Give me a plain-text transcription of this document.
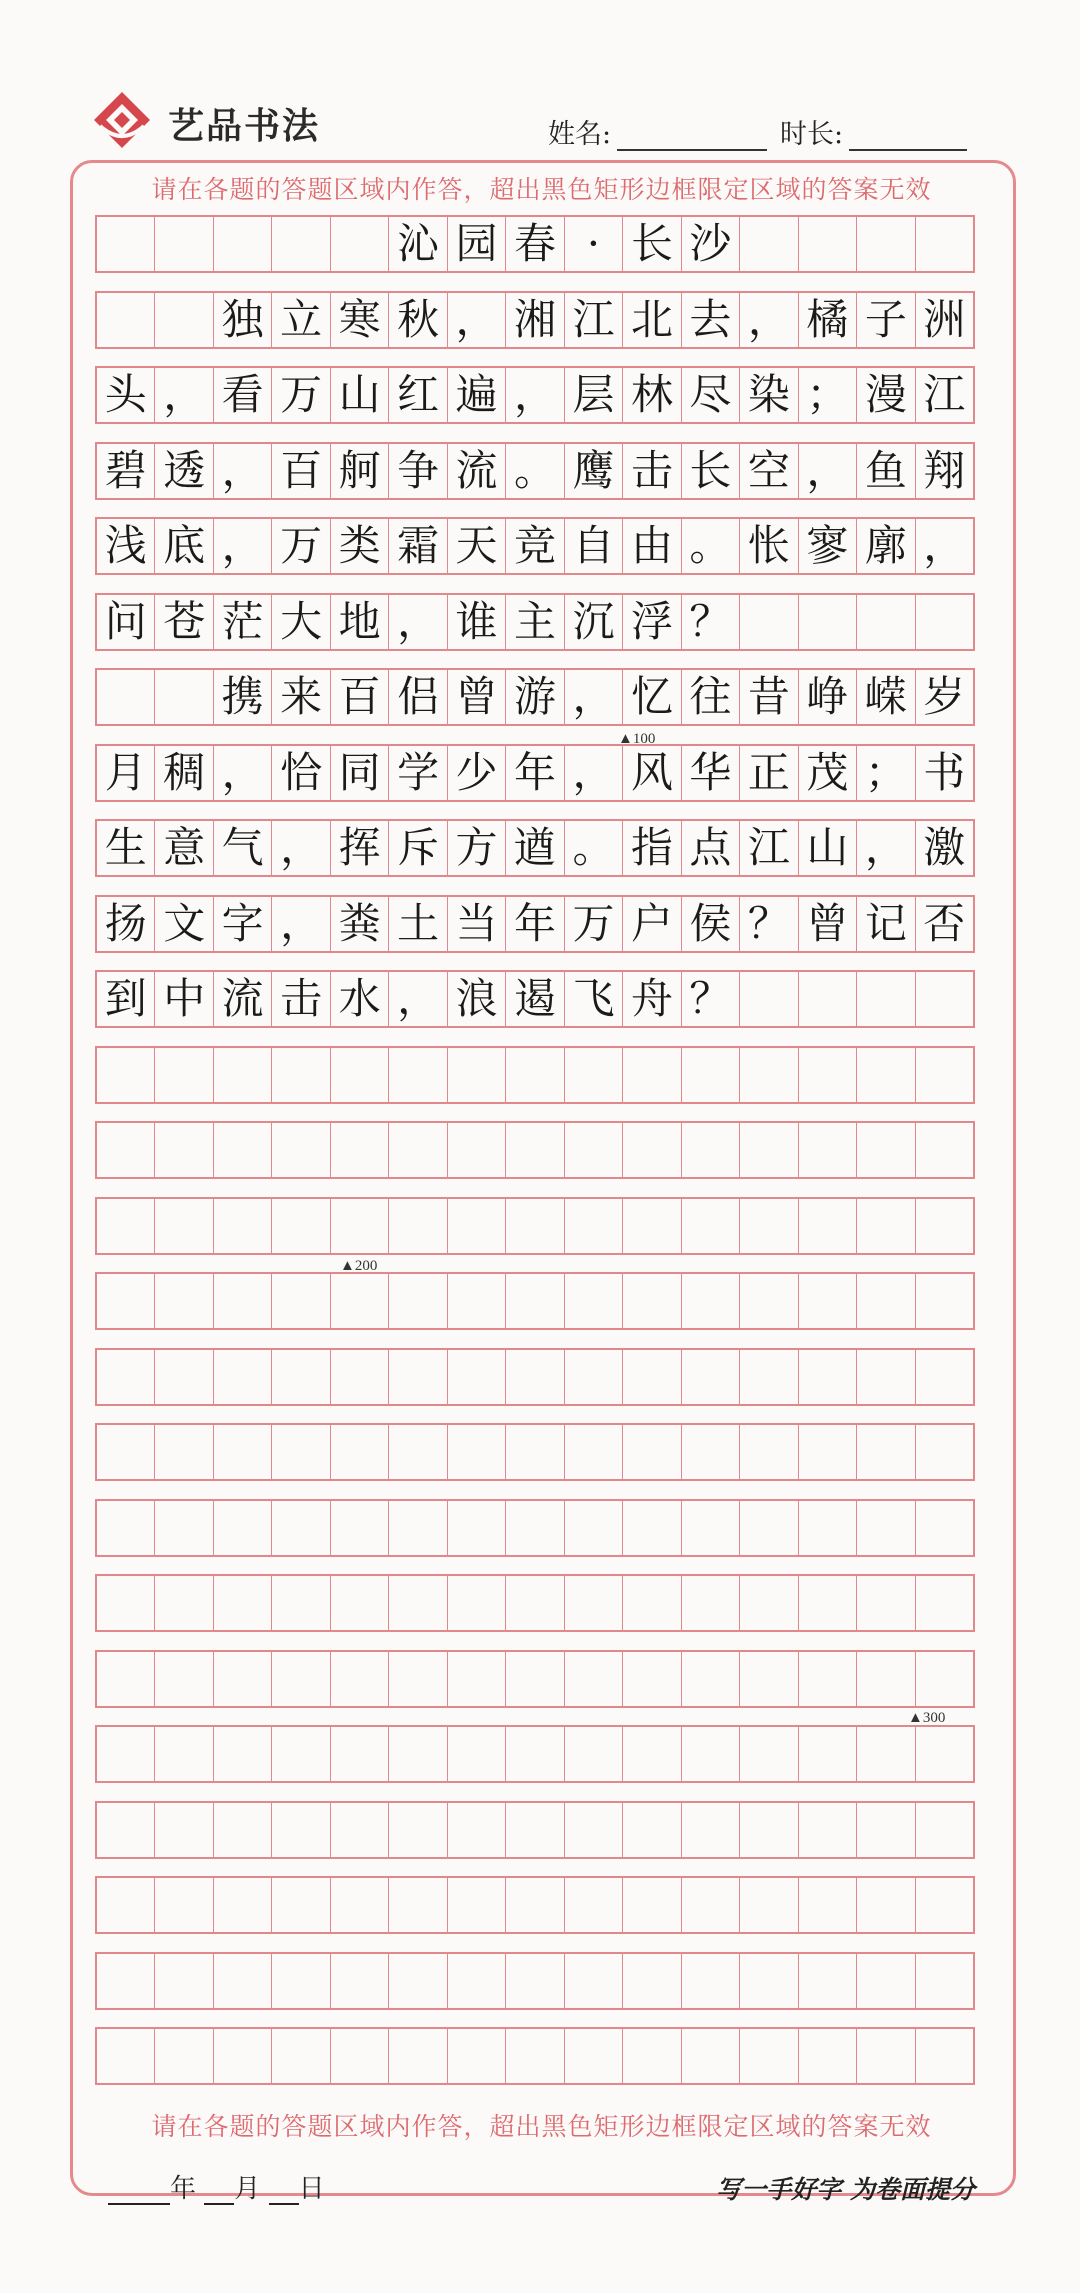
艺品书法	姓名:	时长:
请在各题的答题区域内作答，超出黑色矩形边框限定区域的答案无效
沁 园 春 · 长 沙
独 立 寒 秋 ， 湘 江 北 去 ， 橘 子 洲
头 ， 看 万 山 红 遍 ， 层 林 尽 染 ； 漫 江
碧 透 ， 百 舸 争 流 。 鹰 击 长 空 ， 鱼 翔
浅 底 ， 万 类 霜 天 竞 自 由 。 怅 寥 廓 ，
问 苍 茫 大 地 ， 谁 主 沉 浮 ？
携 来 百 侣 曾 游 ， 忆 往 昔 峥 嵘 岁
月 稠 ， 恰 同 学 少 年 ， 风 华 正 茂 ； 书
生 意 气 ， 挥 斥 方 遒 。 指 点 江 山 ， 激
扬 文 字 ， 粪 土 当 年 万 户 侯 ？ 曾 记 否
到 中 流 击 水 ， 浪 遏 飞 舟 ？
▲100
▲200
▲300
请在各题的答题区域内作答，超出黑色矩形边框限定区域的答案无效
年 月 日	写一手好字 为卷面提分
